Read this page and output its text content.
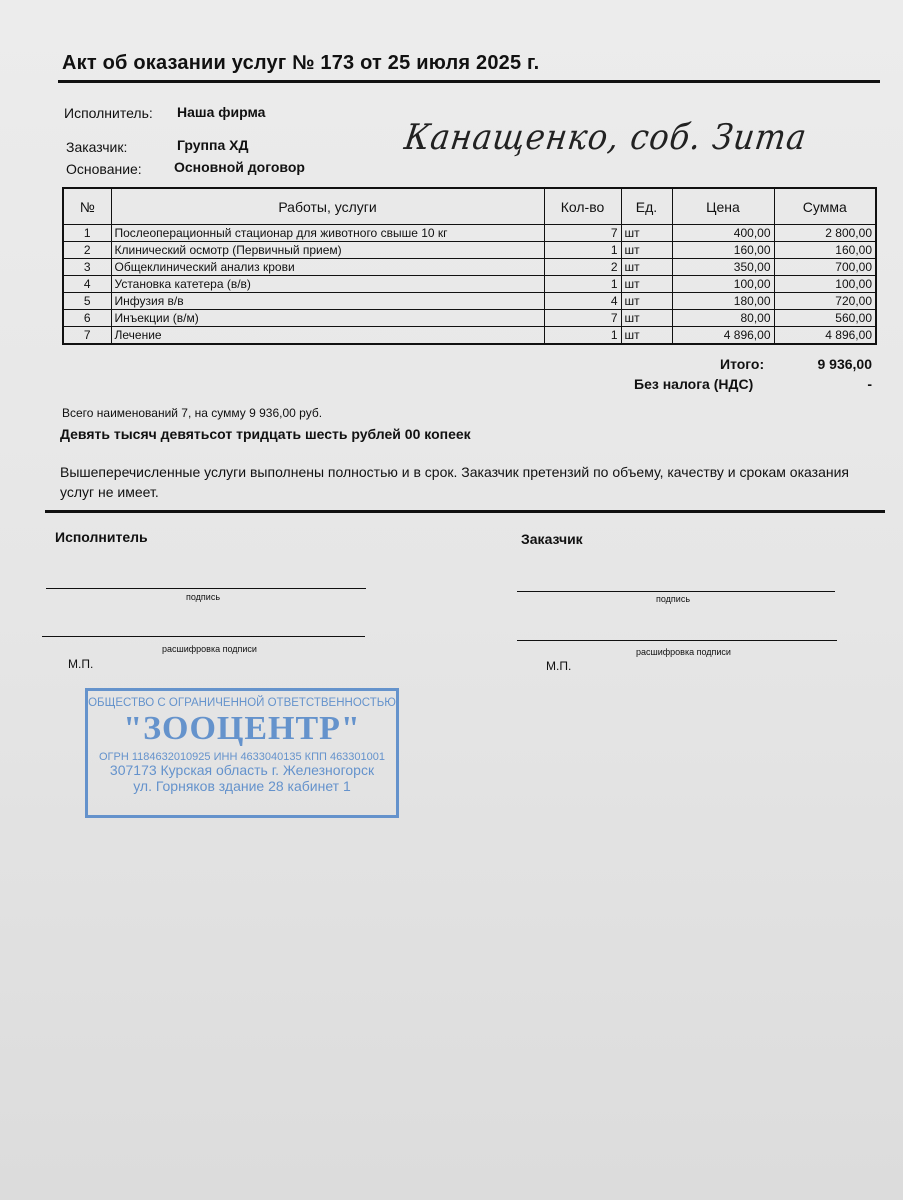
Акт об оказании услуг № 173 от 25 июля 2025 г.
Исполнитель: Наша фирма
Заказчик:	Группа ХД
Основание: Основной договор
Канащенко, соб. Зита
№	Работы, услуги	Кол-во	Ед.	Цена	Сумма
1	Послеоперационный стационар для животного свыше 10 кг	7	шт	400,00	2 800,00
2	Клинический осмотр (Первичный прием)	1	шт	160,00	160,00
3	Общеклинический анализ крови	2	шт	350,00	700,00
4	Установка катетера (в/в)	1	шт	100,00	100,00
5	Инфузия в/в	4	шт	180,00	720,00
6	Инъекции (в/м)	7	шт	80,00	560,00
7	Лечение	1	шт	4 896,00	4 896,00
Итого:	9 936,00
Без налога (НДС)	-
Всего наименований 7, на сумму 9 936,00 руб.
Девять тысяч девятьсот тридцать шесть рублей 00 копеек
Вышеперечисленные услуги выполнены полностью и в срок. Заказчик претензий по объему, качеству и срокам оказания услуг не имеет.
Исполнитель
подпись
расшифровка подписи
М.П.
ОБЩЕСТВО С ОГРАНИЧЕННОЙ ОТВЕТСТВЕННОСТЬЮ
"ЗООЦЕНТР"
ОГРН 1184632010925 ИНН 4633040135 КПП 463301001
307173 Курская область г. Железногорск
ул. Горняков здание 28 кабинет 1
Заказчик
подпись
расшифровка подписи
М.П.
